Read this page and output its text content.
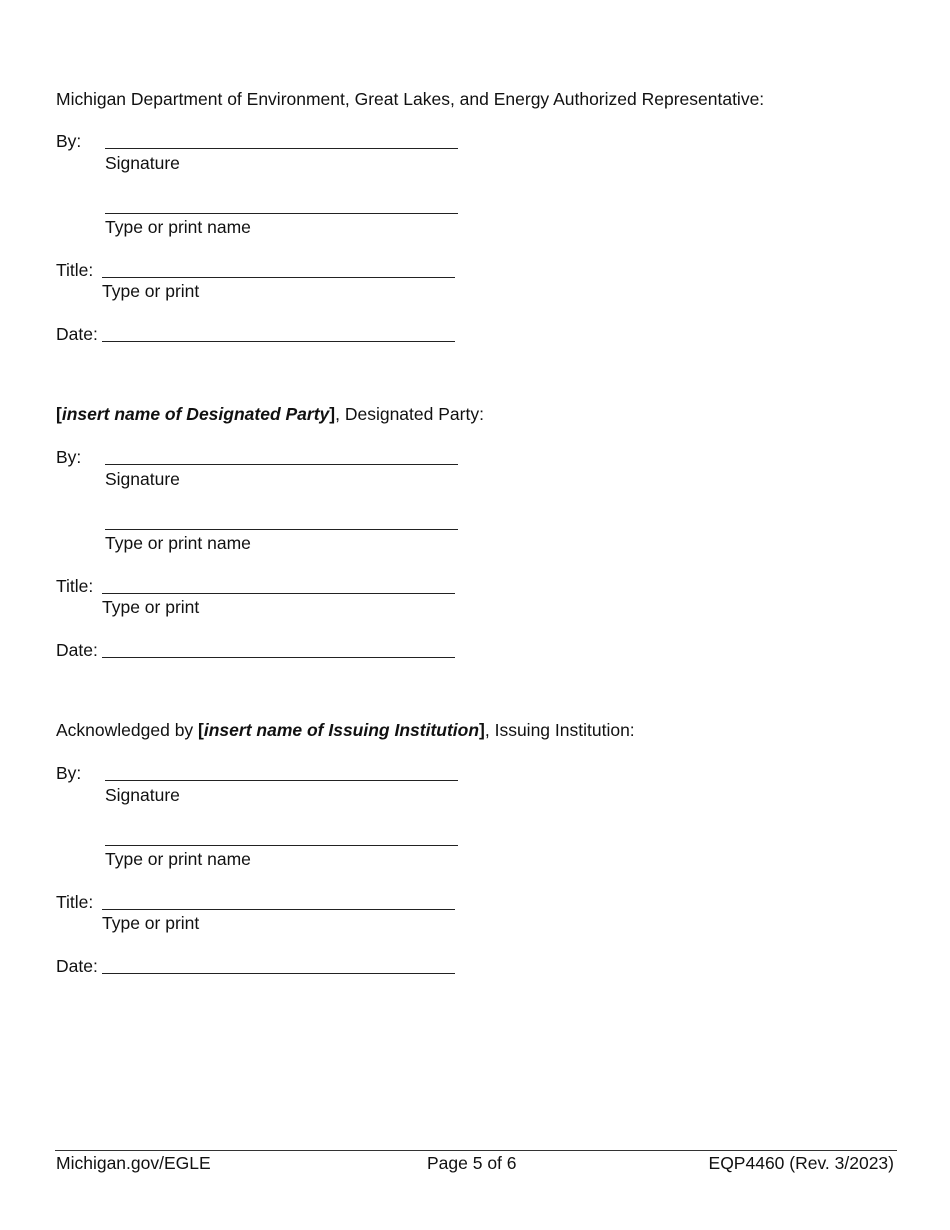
Michigan Department of Environment, Great Lakes, and Energy Authorized Representative:
By:
Signature
Type or print name
Title:
Type or print
Date:
[insert name of Designated Party], Designated Party:
By:
Signature
Type or print name
Title:
Type or print
Date:
Acknowledged by [insert name of Issuing Institution], Issuing Institution:
By:
Signature
Type or print name
Title:
Type or print
Date:
Michigan.gov/EGLE	Page 5 of 6	EQP4460 (Rev. 3/2023)
